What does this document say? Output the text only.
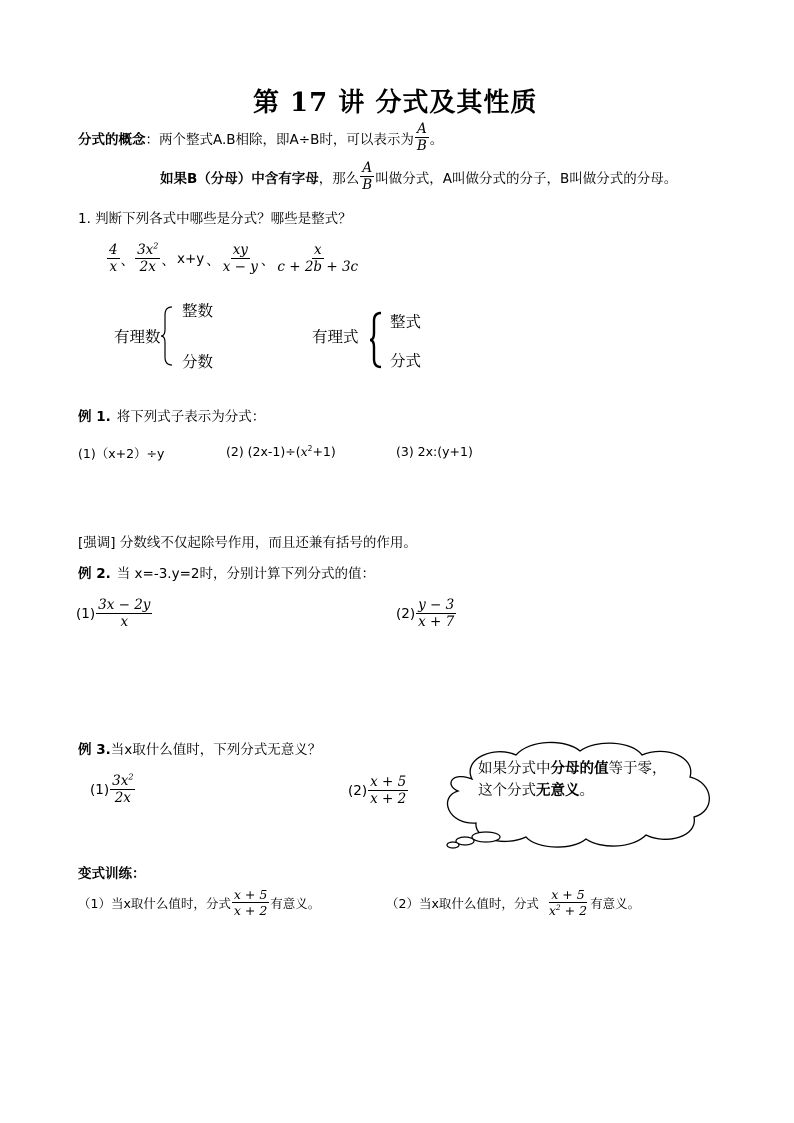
第 17 讲 分式及其性质
分式的概念 ： 两个整式A.B相除，即A÷B时，可以表示为 $\frac{A}{B}$ 。
如果B（分母）中含有字母 ，那么 $\frac{A}{B}$ 叫做分式，A叫做分式的分子，B叫做分式的分母。
1. 判断下列各式中哪些是分式？哪些是整式？
$\frac{4}{x}$ 、 $\frac{3x^2}{2x}$ 、 x+y 、 $\frac{xy}{x - y}$ 、 $\frac{x}{c + 2b + 3c}$
有理数
整数
分数
有理式
整式
分式
例 1. 将下列式子表示为分式：
(1)（x+2）÷y	(2) $(2x-1)\div(x^2+1)$	(3) 2x:(y+1)
[强调] 分数线不仅起除号作用，而且还兼有括号的作用。
例 2. 当 x=-3.y=2时，分别计算下列分式的值：
$(1) \frac{3x - 2y}{x}$	$(2) \frac{y - 3}{x + 7}$
例 3. 当x取什么值时，下列分式无意义？
$(1) \frac{3x^2}{2x}$	$(2) \frac{x + 5}{x + 2}$
如果分式中分母的值等于零，这个分式无意义。
变式训练 ：
（1）当x取什么值时，分式 $\frac{x + 5}{x + 2}$ 有意义。	（2）当x取什么值时，分式 $\frac{x + 5}{x^2 + 2}$ 有意义。
